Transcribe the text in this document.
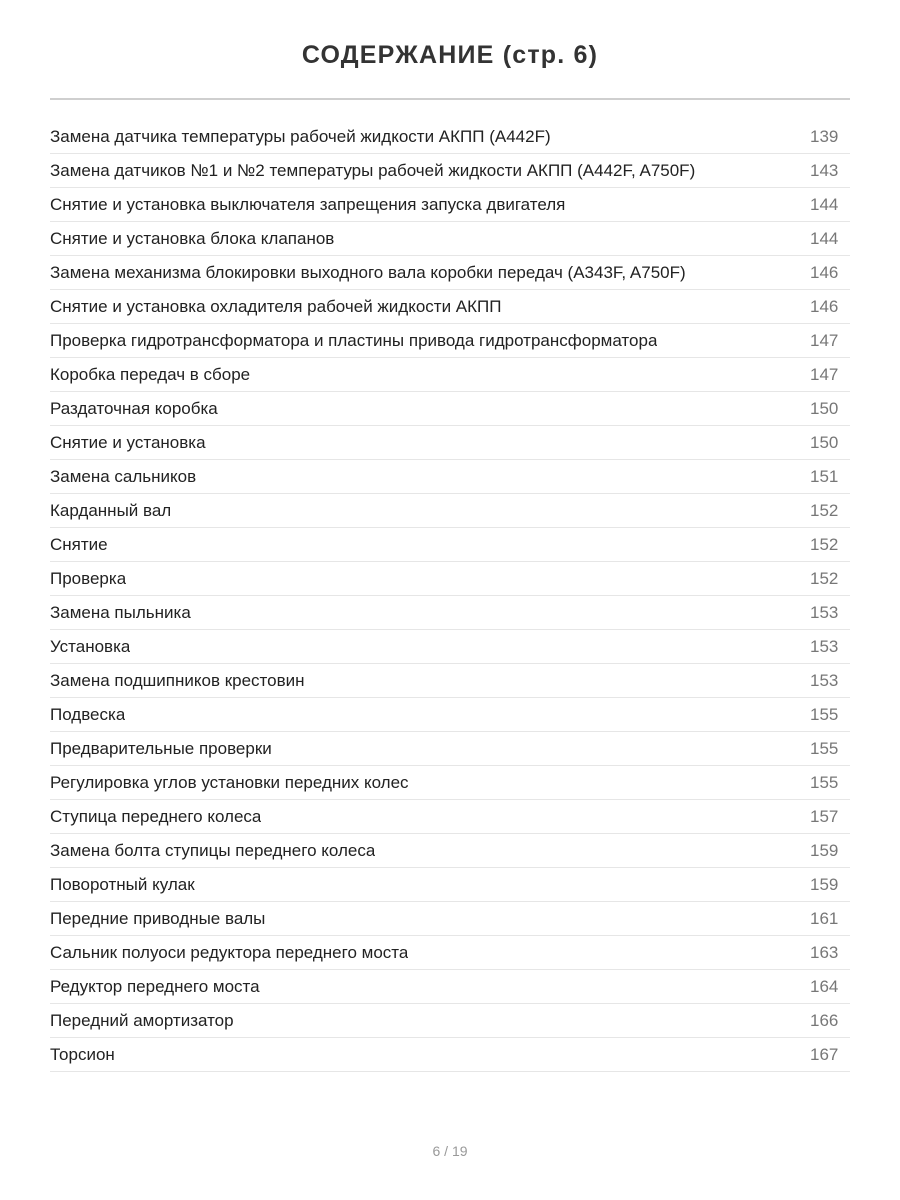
СОДЕРЖАНИЕ (стр. 6)
Замена датчика температуры рабочей жидкости АКПП (A442F)	139
Замена датчиков №1 и №2 температуры рабочей жидкости АКПП (A442F, A750F)	143
Снятие и установка выключателя запрещения запуска двигателя	144
Снятие и установка блока клапанов	144
Замена механизма блокировки выходного вала коробки передач (A343F, A750F)	146
Снятие и установка охладителя рабочей жидкости АКПП	146
Проверка гидротрансформатора и пластины привода гидротрансформатора	147
Коробка передач в сборе	147
Раздаточная коробка	150
Снятие и установка	150
Замена сальников	151
Карданный вал	152
Снятие	152
Проверка	152
Замена пыльника	153
Установка	153
Замена подшипников крестовин	153
Подвеска	155
Предварительные проверки	155
Регулировка углов установки передних колес	155
Ступица переднего колеса	157
Замена болта ступицы переднего колеса	159
Поворотный кулак	159
Передние приводные валы	161
Сальник полуоси редуктора переднего моста	163
Редуктор переднего моста	164
Передний амортизатор	166
Торсион	167
6 / 19
